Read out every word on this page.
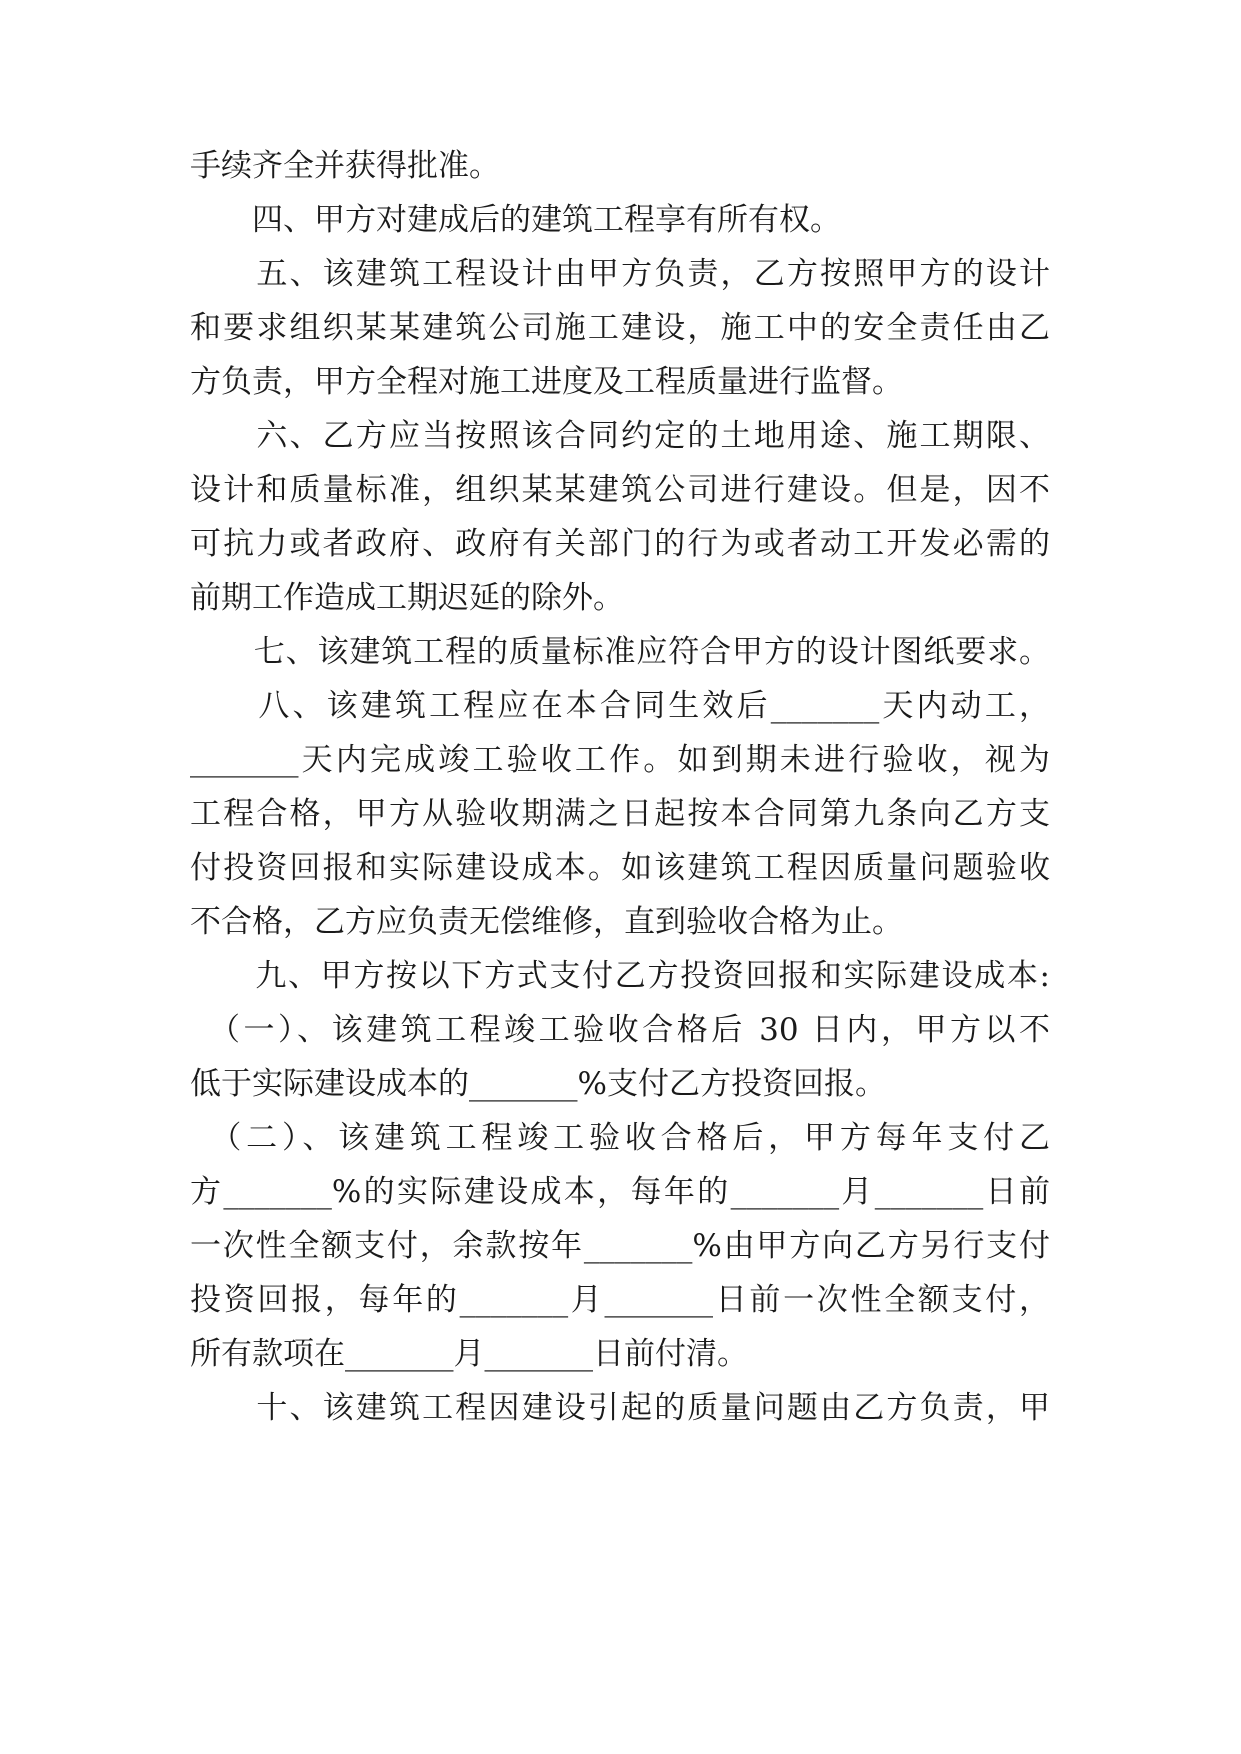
手续齐全并获得批准。
　　四、甲方对建成后的建筑工程享有所有权。
　　五、该建筑工程设计由甲方负责，乙方按照甲方的设计
和要求组织某某建筑公司施工建设，施工中的安全责任由乙
方负责，甲方全程对施工进度及工程质量进行监督。
　　六、乙方应当按照该合同约定的土地用途、施工期限、
设计和质量标准，组织某某建筑公司进行建设。但是，因不
可抗力或者政府、政府有关部门的行为或者动工开发必需的
前期工作造成工期迟延的除外。
　　七、该建筑工程的质量标准应符合甲方的设计图纸要求。
　　八、该建筑工程应在本合同生效后_______天内动工，
_______天内完成竣工验收工作。如到期未进行验收，视为
工程合格，甲方从验收期满之日起按本合同第九条向乙方支
付投资回报和实际建设成本。如该建筑工程因质量问题验收
不合格，乙方应负责无偿维修，直到验收合格为止。
　　九、甲方按以下方式支付乙方投资回报和实际建设成本:
　（一）、该建筑工程竣工验收合格后 30 日内，甲方以不
低于实际建设成本的_______%支付乙方投资回报。
　（二）、该建筑工程竣工验收合格后，甲方每年支付乙
方_______%的实际建设成本，每年的_______月_______日前
一次性全额支付，余款按年_______%由甲方向乙方另行支付
投资回报，每年的_______月_______日前一次性全额支付，
所有款项在_______月_______日前付清。
　　十、该建筑工程因建设引起的质量问题由乙方负责，甲
